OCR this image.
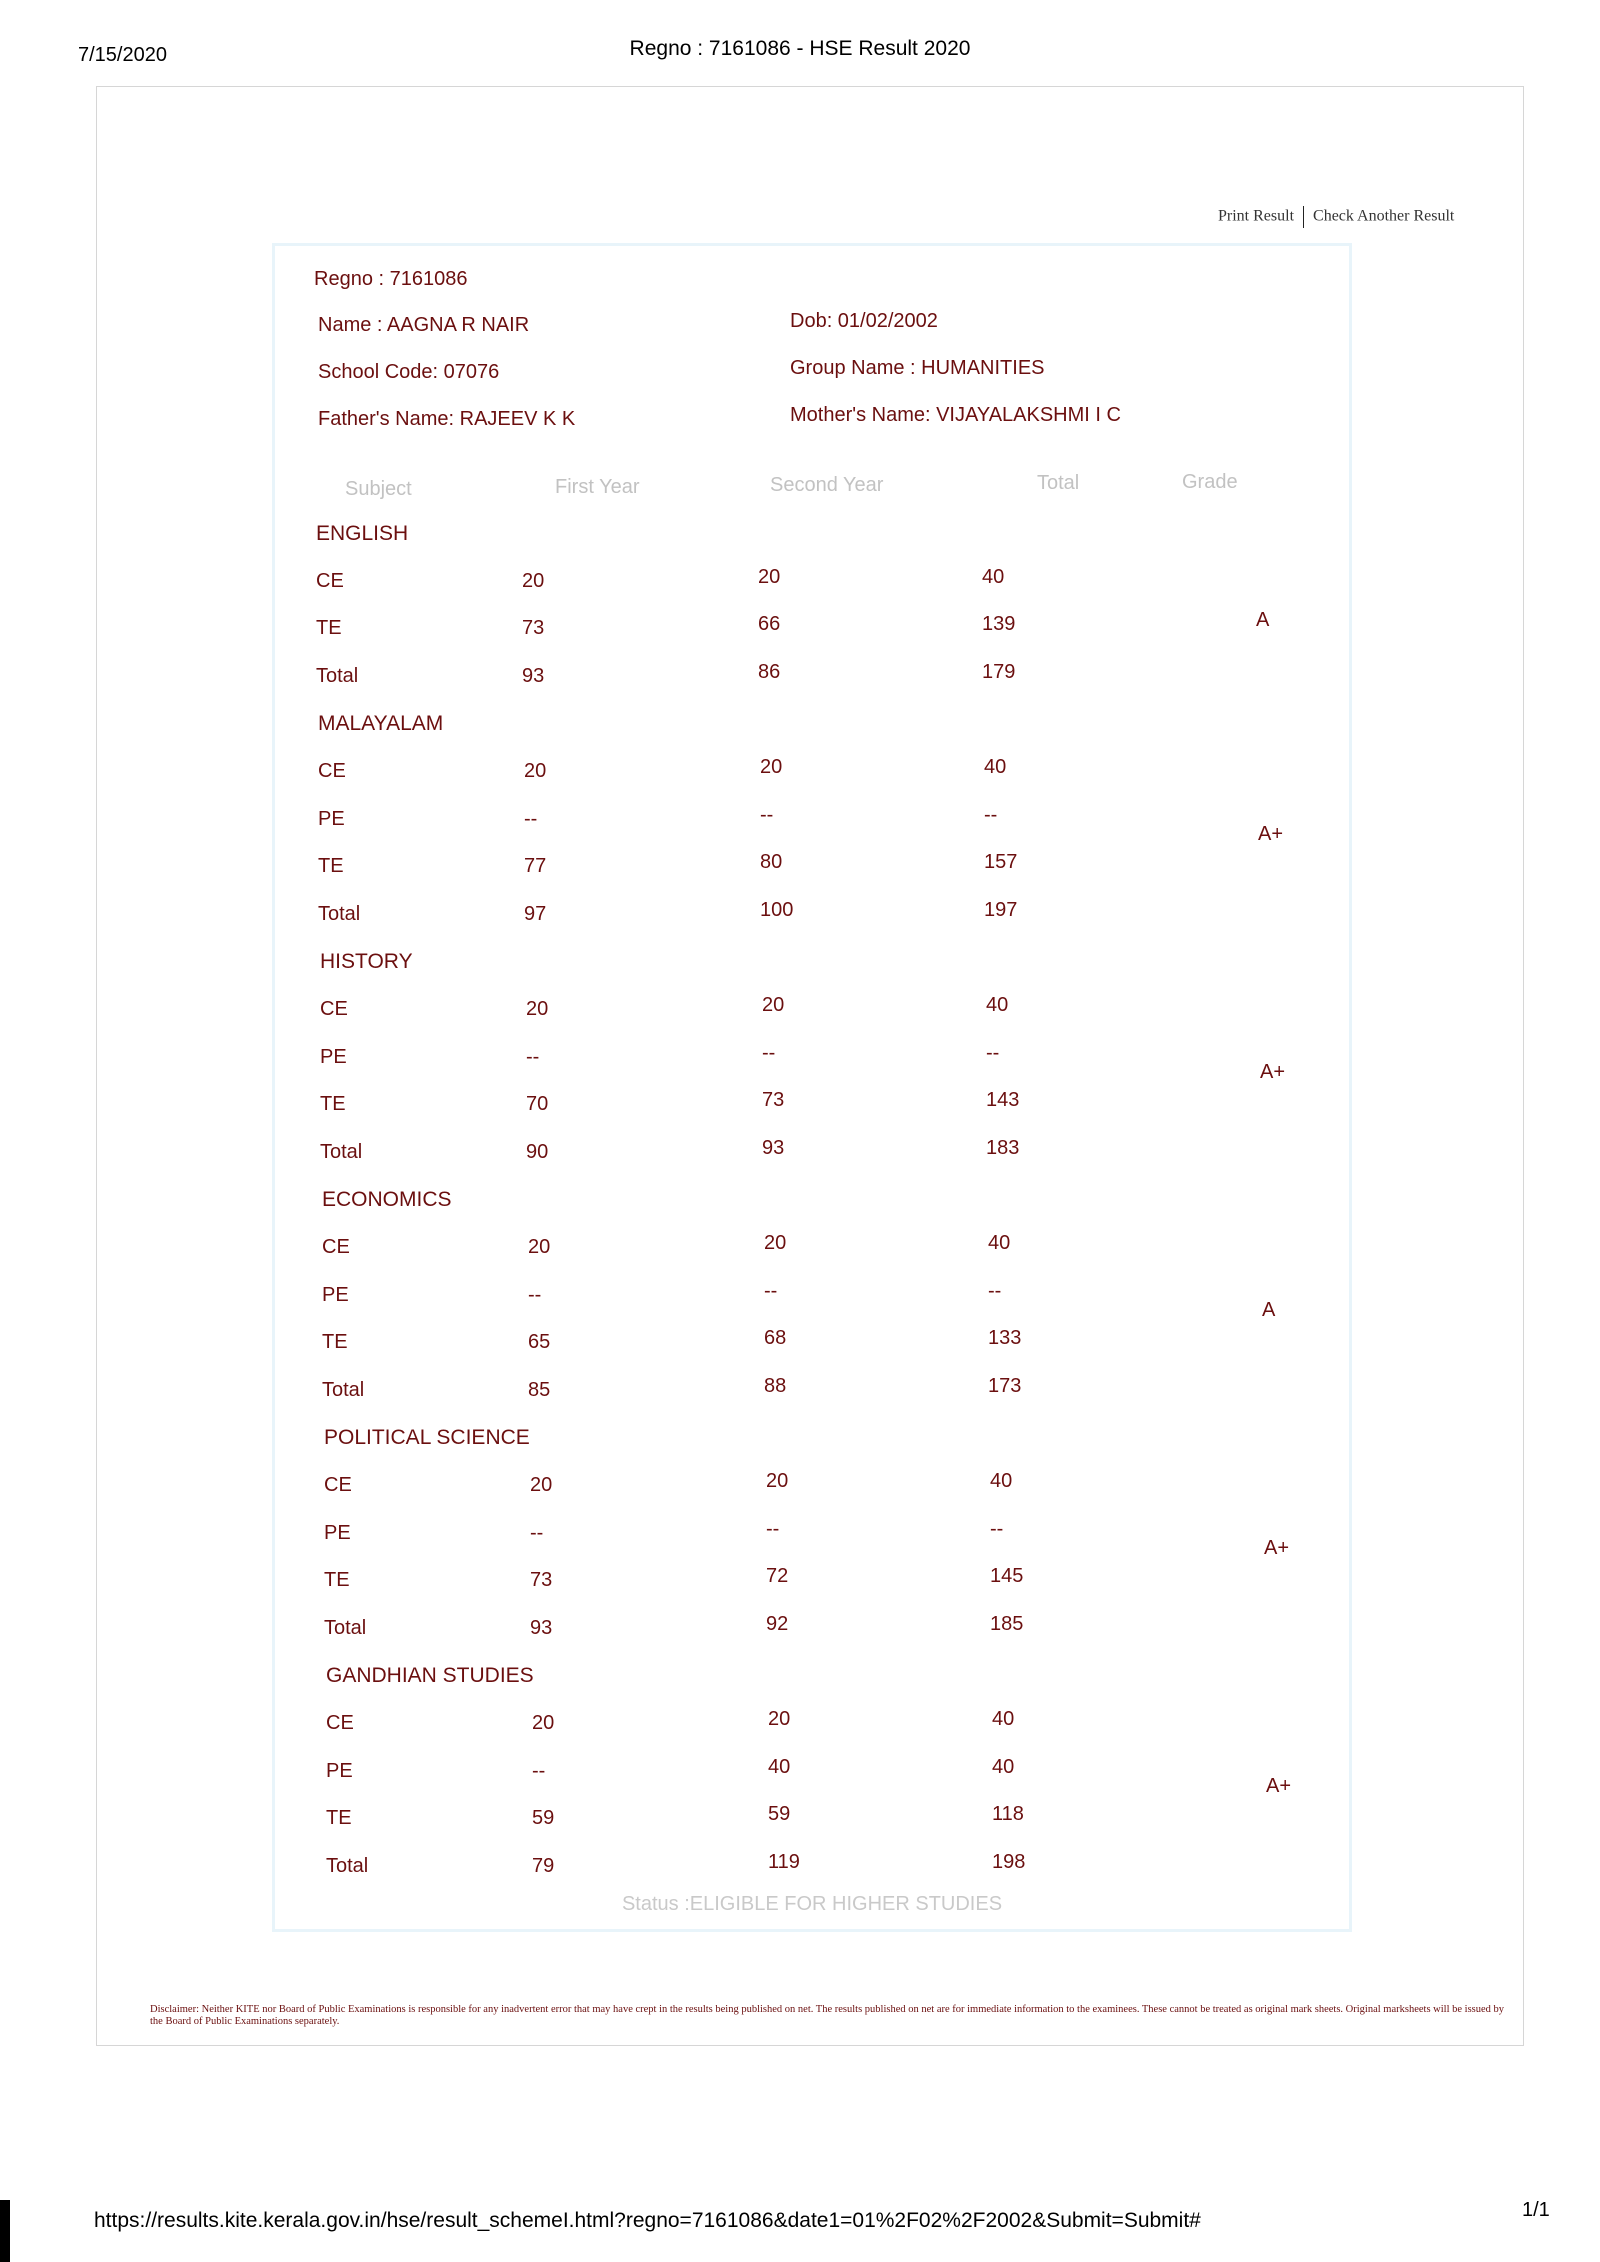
7/15/2020	Regno : 7161086 - HSE Result 2020
Print Result Check Another Result
Regno : 7161086
Name : AAGNA R NAIR	Dob: 01/02/2002
School Code: 07076	Group Name : HUMANITIES
Father's Name: RAJEEV K K	Mother's Name: VIJAYALAKSHMI I C
Subject	First Year	Second Year	Total	Grade
ENGLISH
CE	20	20	40
TE	73	66	139
Total	93	86	179
A
MALAYALAM
CE	20	20	40
PE	--	--	--
TE	77	80	157
Total	97	100	197
A+
HISTORY
CE	20	20	40
PE	--	--	--
TE	70	73	143
Total	90	93	183
A+
ECONOMICS
CE	20	20	40
PE	--	--	--
TE	65	68	133
Total	85	88	173
A
POLITICAL SCIENCE
CE	20	20	40
PE	--	--	--
TE	73	72	145
Total	93	92	185
A+
GANDHIAN STUDIES
CE	20	20	40
PE	--	40	40
TE	59	59	118
Total	79	119	198
A+
Status :ELIGIBLE FOR HIGHER STUDIES
Disclaimer: Neither KITE nor Board of Public Examinations is responsible for any inadvertent error that may have crept in the results being published on net. The results published on net are for immediate information to the examinees. These cannot be treated as original mark sheets. Original marksheets will be issued by the Board of Public Examinations separately.
https://results.kite.kerala.gov.in/hse/result_schemeI.html?regno=7161086&date1=01%2F02%2F2002&Submit=Submit#	1/1
